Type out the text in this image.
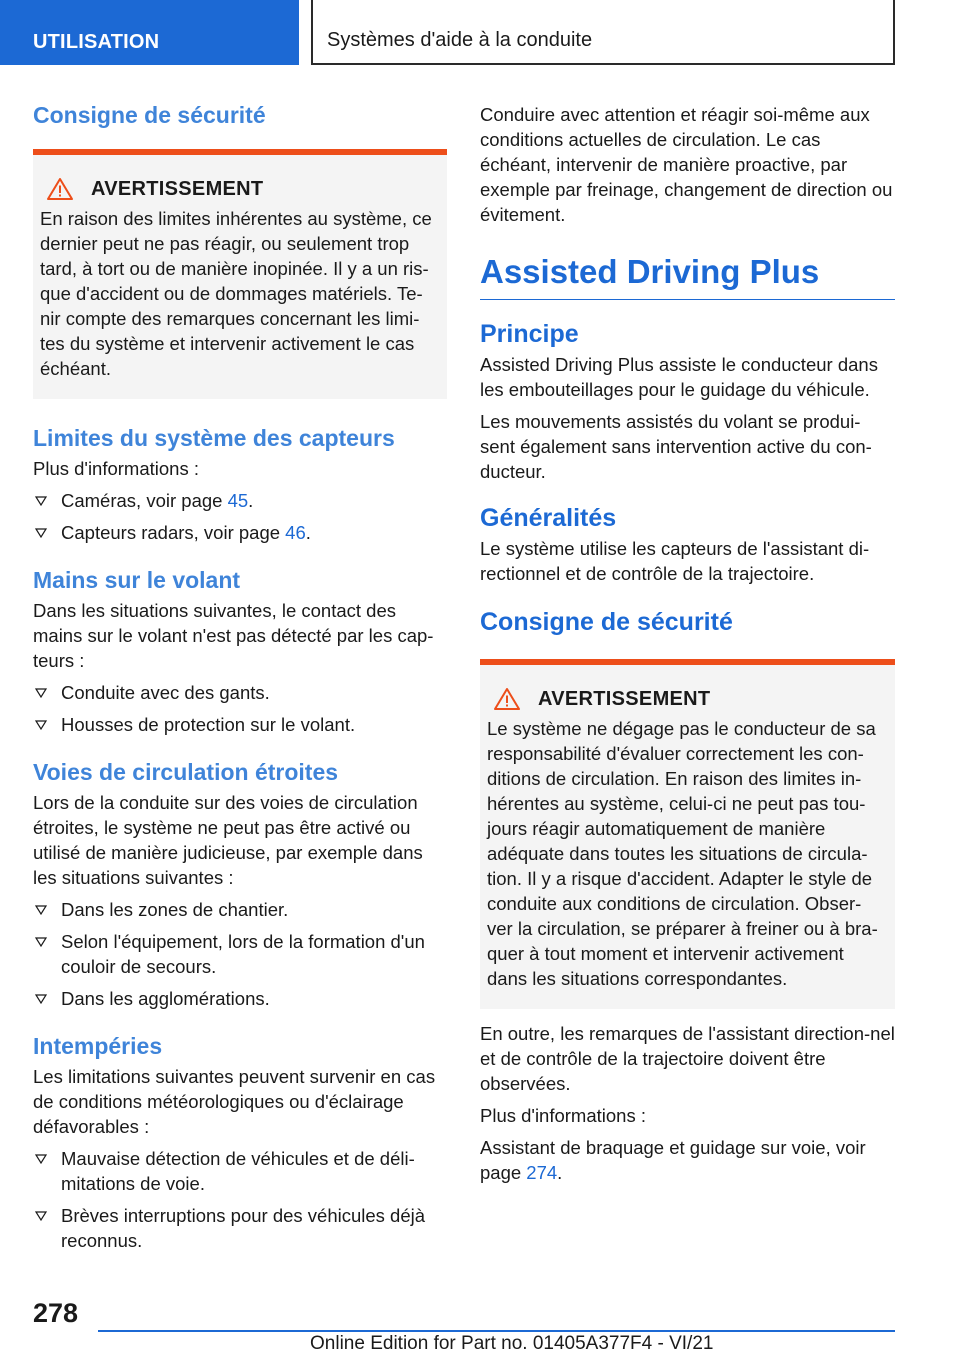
UTILISATION	Systèmes d'aide à la conduite
Consigne de sécurité
AVERTISSEMENT
En raison des limites inhérentes au système, ce dernier peut ne pas réagir, ou seulement trop tard, à tort ou de manière inopinée. Il y a un ris-que d'accident ou de dommages matériels. Te-nir compte des remarques concernant les limi-tes du système et intervenir activement le cas échéant.
Limites du système des capteurs
Plus d'informations :
Caméras, voir page 45.
Capteurs radars, voir page 46.
Mains sur le volant
Dans les situations suivantes, le contact des mains sur le volant n'est pas détecté par les cap-teurs :
Conduite avec des gants.
Housses de protection sur le volant.
Voies de circulation étroites
Lors de la conduite sur des voies de circulation étroites, le système ne peut pas être activé ou utilisé de manière judicieuse, par exemple dans les situations suivantes :
Dans les zones de chantier.
Selon l'équipement, lors de la formation d'un couloir de secours.
Dans les agglomérations.
Intempéries
Les limitations suivantes peuvent survenir en cas de conditions météorologiques ou d'éclairage défavorables :
Mauvaise détection de véhicules et de déli-mitations de voie.
Brèves interruptions pour des véhicules déjà reconnus.
Conduire avec attention et réagir soi-même aux conditions actuelles de circulation. Le cas échéant, intervenir de manière proactive, par exemple par freinage, changement de direction ou évitement.
Assisted Driving Plus
Principe
Assisted Driving Plus assiste le conducteur dans les embouteillages pour le guidage du véhicule.
Les mouvements assistés du volant se produi-sent également sans intervention active du con-ducteur.
Généralités
Le système utilise les capteurs de l'assistant di-rectionnel et de contrôle de la trajectoire.
Consigne de sécurité
AVERTISSEMENT
Le système ne dégage pas le conducteur de sa responsabilité d'évaluer correctement les con-ditions de circulation. En raison des limites in-hérentes au système, celui-ci ne peut pas tou-jours réagir automatiquement de manière adéquate dans toutes les situations de circula-tion. Il y a risque d'accident. Adapter le style de conduite aux conditions de circulation. Obser-ver la circulation, se préparer à freiner ou à bra-quer à tout moment et intervenir activement dans les situations correspondantes.
En outre, les remarques de l'assistant direction-nel et de contrôle de la trajectoire doivent être observées.
Plus d'informations :
Assistant de braquage et guidage sur voie, voir page 274.
278
Online Edition for Part no. 01405A377F4 - VI/21
